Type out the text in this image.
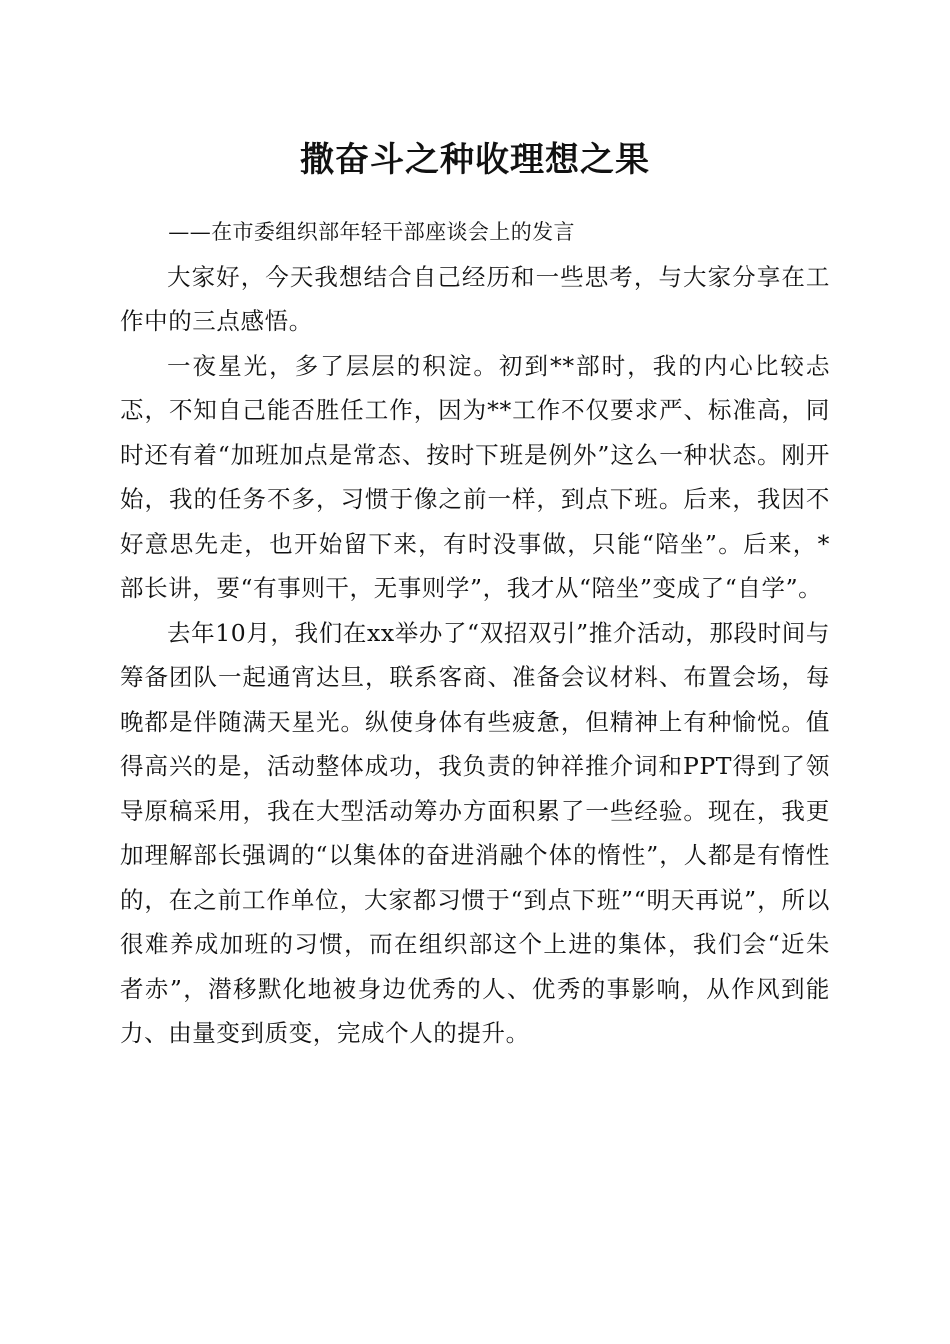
撒奋斗之种收理想之果

——在市委组织部年轻干部座谈会上的发言

大家好，今天我想结合自己经历和一些思考，与大家分享在工作中的三点感悟。

一夜星光，多了层层的积淀。初到**部时，我的内心比较忐忑，不知自己能否胜任工作，因为**工作不仅要求严、标准高，同时还有着“加班加点是常态、按时下班是例外”这么一种状态。刚开始，我的任务不多，习惯于像之前一样，到点下班。后来，我因不好意思先走，也开始留下来，有时没事做，只能“陪坐”。后来，*部长讲，要“有事则干，无事则学”，我才从“陪坐”变成了“自学”。

去年10月，我们在xx举办了“双招双引”推介活动，那段时间与筹备团队一起通宵达旦，联系客商、准备会议材料、布置会场，每晚都是伴随满天星光。纵使身体有些疲惫，但精神上有种愉悦。值得高兴的是，活动整体成功，我负责的钟祥推介词和PPT得到了领导原稿采用，我在大型活动筹办方面积累了一些经验。现在，我更加理解部长强调的“以集体的奋进消融个体的惰性”，人都是有惰性的，在之前工作单位，大家都习惯于“到点下班”“明天再说”，所以很难养成加班的习惯，而在组织部这个上进的集体，我们会“近朱者赤”，潜移默化地被身边优秀的人、优秀的事影响，从作风到能力、由量变到质变，完成个人的提升。
